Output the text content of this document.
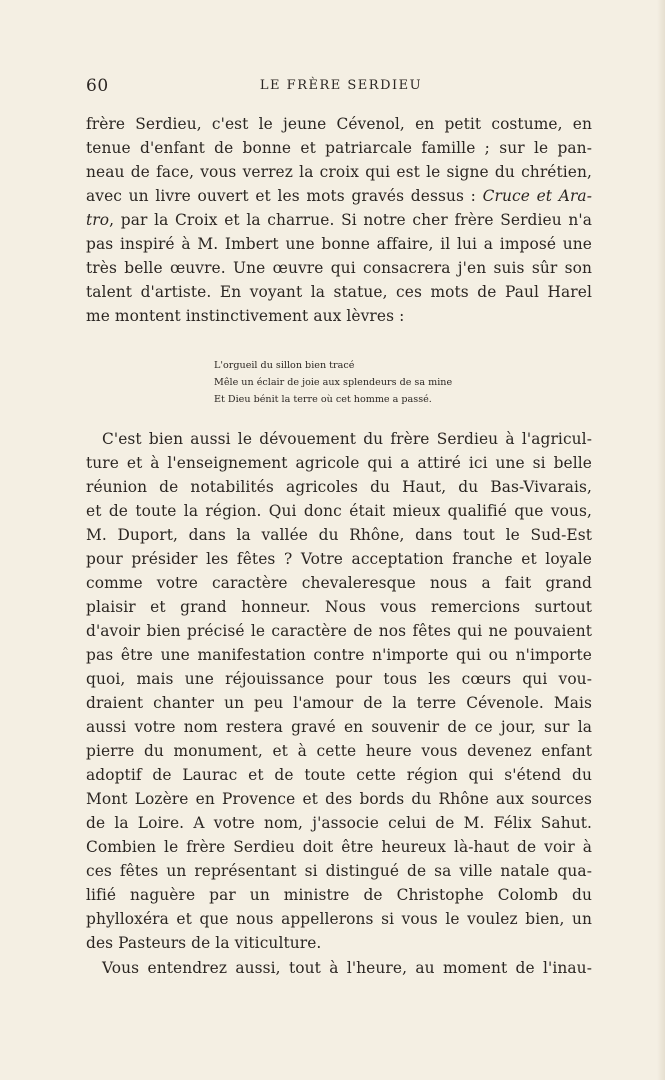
60	LE FRÈRE SERDIEU
frère Serdieu, c'est le jeune Cévenol, en petit costume, en
tenue d'enfant de bonne et patriarcale famille ; sur le pan-
neau de face, vous verrez la croix qui est le signe du chrétien,
avec un livre ouvert et les mots gravés dessus : Cruce et Ara-
tro, par la Croix et la charrue. Si notre cher frère Serdieu n'a
pas inspiré à M. Imbert une bonne affaire, il lui a imposé une
très belle œuvre. Une œuvre qui consacrera j'en suis sûr son
talent d'artiste. En voyant la statue, ces mots de Paul Harel
me montent instinctivement aux lèvres :
L'orgueil du sillon bien tracé
Mêle un éclair de joie aux splendeurs de sa mine
Et Dieu bénit la terre où cet homme a passé.
C'est bien aussi le dévouement du frère Serdieu à l'agricul-
ture et à l'enseignement agricole qui a attiré ici une si belle
réunion de notabilités agricoles du Haut, du Bas-Vivarais,
et de toute la région. Qui donc était mieux qualifié que vous,
M. Duport, dans la vallée du Rhône, dans tout le Sud-Est
pour présider les fêtes ? Votre acceptation franche et loyale
comme votre caractère chevaleresque nous a fait grand
plaisir et grand honneur. Nous vous remercions surtout
d'avoir bien précisé le caractère de nos fêtes qui ne pouvaient
pas être une manifestation contre n'importe qui ou n'importe
quoi, mais une réjouissance pour tous les cœurs qui vou-
draient chanter un peu l'amour de la terre Cévenole. Mais
aussi votre nom restera gravé en souvenir de ce jour, sur la
pierre du monument, et à cette heure vous devenez enfant
adoptif de Laurac et de toute cette région qui s'étend du
Mont Lozère en Provence et des bords du Rhône aux sources
de la Loire. A votre nom, j'associe celui de M. Félix Sahut.
Combien le frère Serdieu doit être heureux là-haut de voir à
ces fêtes un représentant si distingué de sa ville natale qua-
lifié naguère par un ministre de Christophe Colomb du
phylloxéra et que nous appellerons si vous le voulez bien, un
des Pasteurs de la viticulture.
Vous entendrez aussi, tout à l'heure, au moment de l'inau-
